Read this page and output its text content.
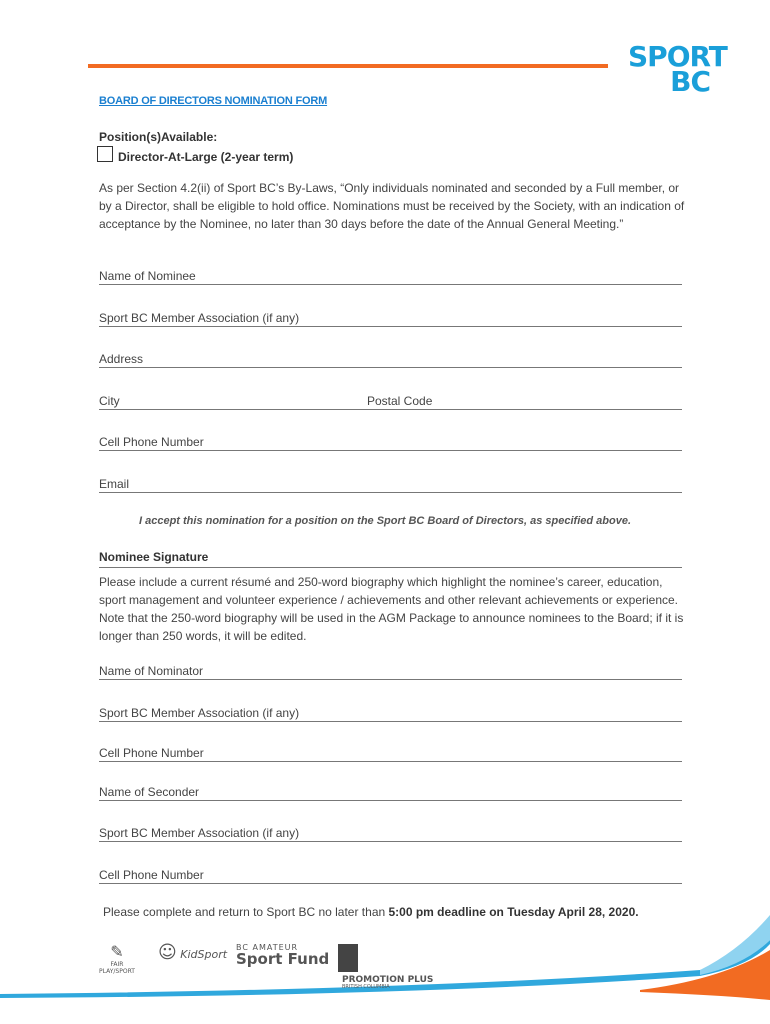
SPORT
BC
BOARD OF DIRECTORS NOMINATION FORM
Position(s)Available:
Director-At-Large (2-year term)
As per Section 4.2(ii) of Sport BC’s By-Laws, “Only individuals nominated and seconded by a Full member, or by a Director, shall be eligible to hold office. Nominations must be received by the Society, with an indication of acceptance by the Nominee, no later than 30 days before the date of the Annual General Meeting.”
Name of Nominee
Sport BC Member Association (if any)
Address
City	Postal Code
Cell Phone Number
Email
I accept this nomination for a position on the Sport BC Board of Directors, as specified above.
Nominee Signature
Please include a current résumé and 250-word biography which highlight the nominee’s career, education, sport management and volunteer experience / achievements and other relevant achievements or experience. Note that the 250-word biography will be used in the AGM Package to announce nominees to the Board; if it is longer than 250 words, it will be edited.
Name of Nominator
Sport BC Member Association (if any)
Cell Phone Number
Name of Seconder
Sport BC Member Association (if any)
Cell Phone Number
Please complete and return to Sport BC no later than 5:00 pm deadline on Tuesday April 28, 2020.
✎
FAIR PLAY/SPORT
☺ KidSport
BC AMATEUR
Sport Fund

PROMOTION PLUS
BRITISH COLUMBIA
